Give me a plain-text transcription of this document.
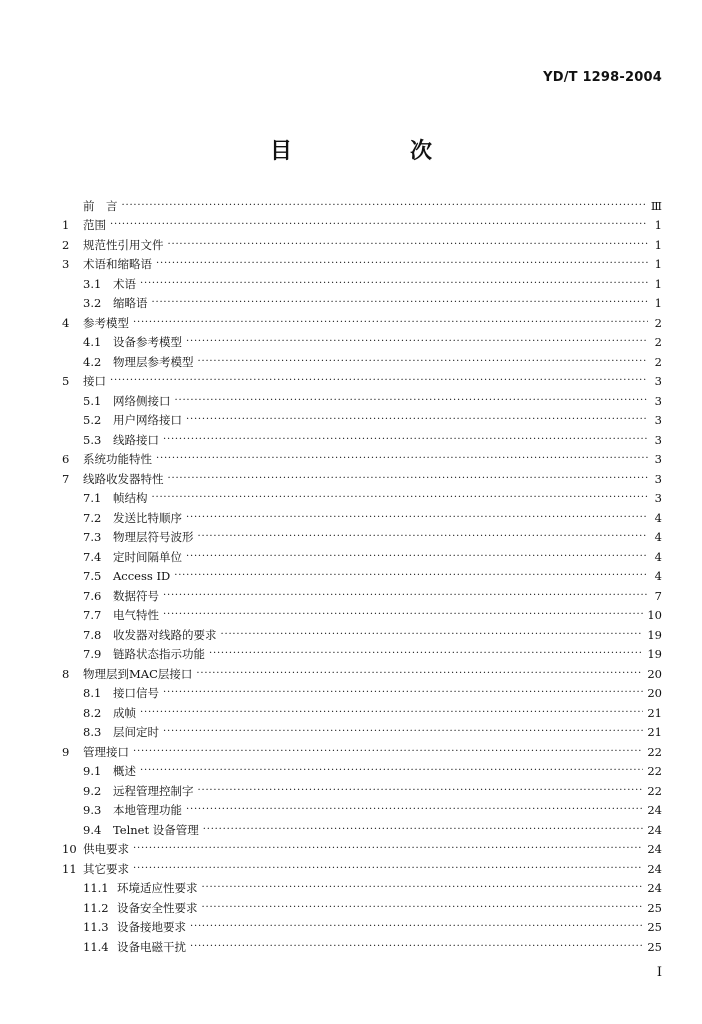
YD/T 1298-2004
目　次
前　言 ·····	Ⅲ
1	范围 ·····	1
2	规范性引用文件 ·····	1
3	术语和缩略语 ·····	1
3.1	术语 ·····	1
3.2	缩略语 ·····	1
4	参考模型 ·····	2
4.1	设备参考模型 ·····	2
4.2	物理层参考模型 ·····	2
5	接口 ·····	3
5.1	网络侧接口 ·····	3
5.2	用户网络接口 ·····	3
5.3	线路接口 ·····	3
6	系统功能特性 ·····	3
7	线路收发器特性 ·····	3
7.1	帧结构 ·····	3
7.2	发送比特顺序 ·····	4
7.3	物理层符号波形 ·····	4
7.4	定时间隔单位 ·····	4
7.5	Access ID ·····	4
7.6	数据符号 ·····	7
7.7	电气特性 ·····	10
7.8	收发器对线路的要求 ·····	19
7.9	链路状态指示功能 ·····	19
8	物理层到MAC层接口 ·····	20
8.1	接口信号 ·····	20
8.2	成帧 ·····	21
8.3	层间定时 ·····	21
9	管理接口 ·····	22
9.1	概述 ·····	22
9.2	远程管理控制字 ·····	22
9.3	本地管理功能 ·····	24
9.4	Telnet 设备管理 ·····	24
10 供电要求 ·····	24
11 其它要求 ·····	24
11.1 环境适应性要求 ·····	24
11.2 设备安全性要求 ·····	25
11.3 设备接地要求 ·····	25
11.4 设备电磁干扰 ·····	25
I
